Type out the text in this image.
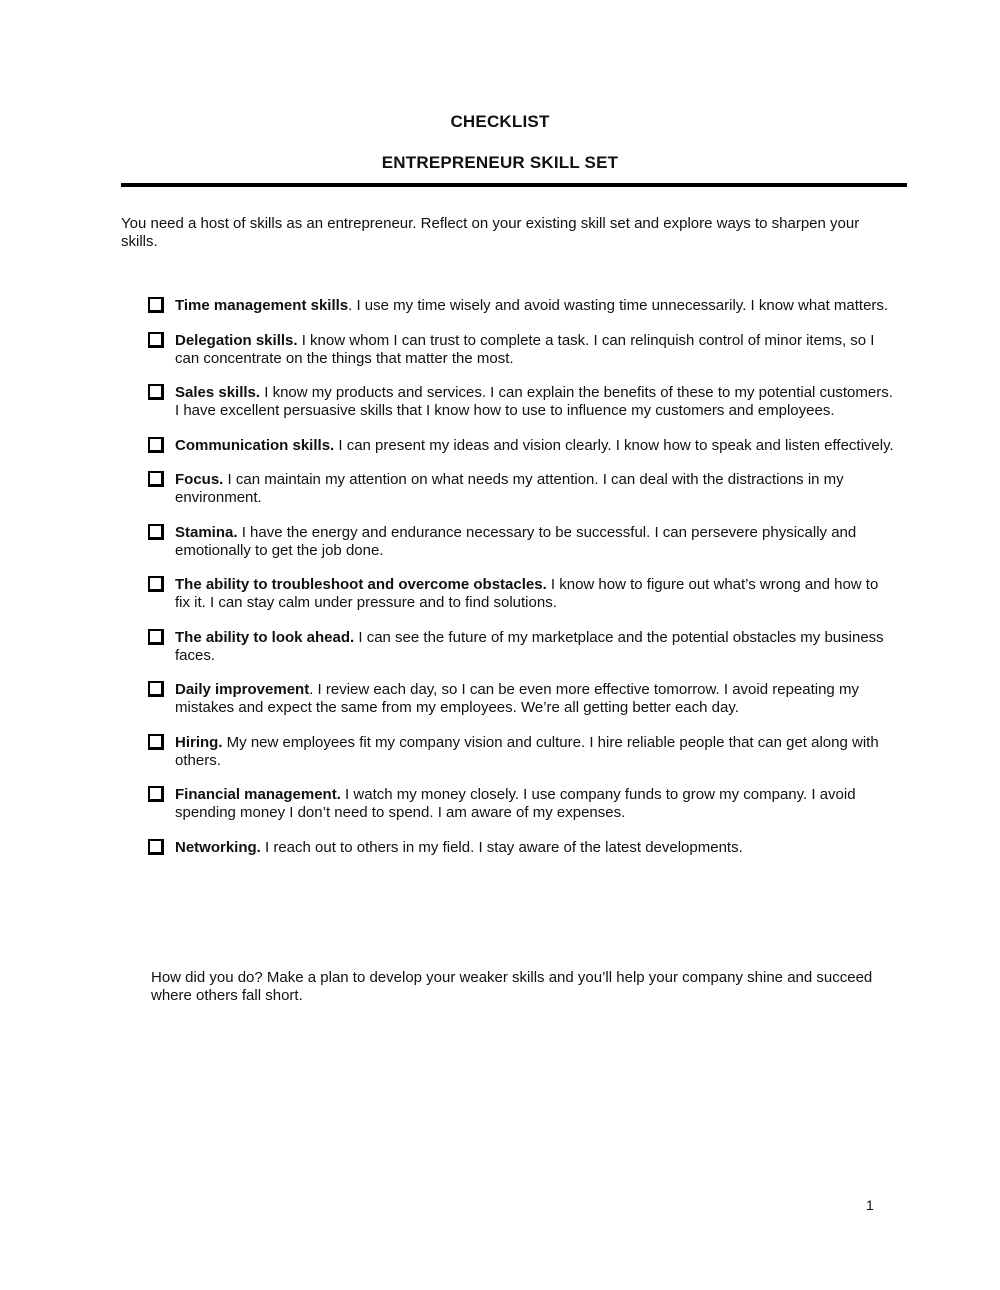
CHECKLIST
ENTREPRENEUR SKILL SET

You need a host of skills as an entrepreneur. Reflect on your existing skill set and explore ways to sharpen your skills.

Time management skills. I use my time wisely and avoid wasting time unnecessarily. I know what matters.
Delegation skills. I know whom I can trust to complete a task. I can relinquish control of minor items, so I can concentrate on the things that matter the most.
Sales skills. I know my products and services. I can explain the benefits of these to my potential customers. I have excellent persuasive skills that I know how to use to influence my customers and employees.
Communication skills. I can present my ideas and vision clearly. I know how to speak and listen effectively.
Focus. I can maintain my attention on what needs my attention. I can deal with the distractions in my environment.
Stamina. I have the energy and endurance necessary to be successful. I can persevere physically and emotionally to get the job done.
The ability to troubleshoot and overcome obstacles. I know how to figure out what’s wrong and how to fix it. I can stay calm under pressure and to find solutions.
The ability to look ahead. I can see the future of my marketplace and the potential obstacles my business faces.
Daily improvement. I review each day, so I can be even more effective tomorrow. I avoid repeating my mistakes and expect the same from my employees. We’re all getting better each day.
Hiring. My new employees fit my company vision and culture. I hire reliable people that can get along with others.
Financial management. I watch my money closely. I use company funds to grow my company. I avoid spending money I don’t need to spend. I am aware of my expenses.
Networking. I reach out to others in my field. I stay aware of the latest developments.

How did you do? Make a plan to develop your weaker skills and you’ll help your company shine and succeed where others fall short.

1
